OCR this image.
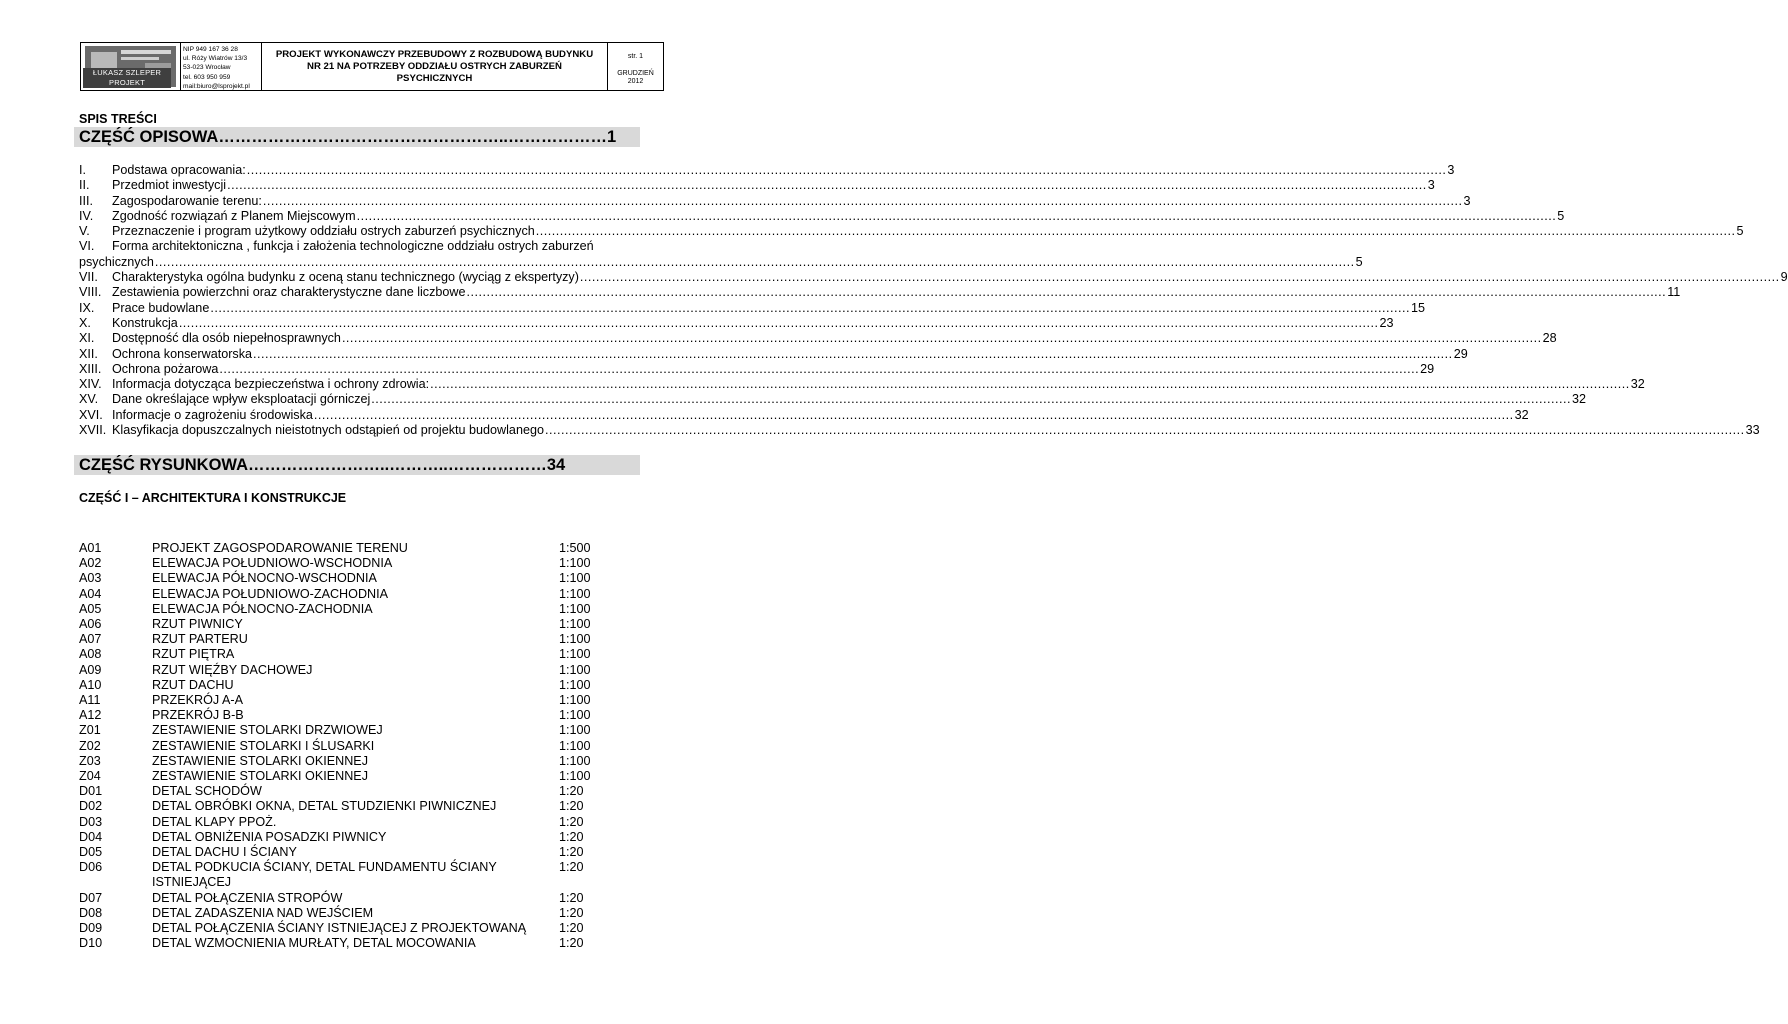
ŁUKASZ SZLEPER PROJEKT
NIP 949 167 36 28
ul. Róży Wiatrów 13/3
53-023 Wrocław
tel. 603 950 959
mail:biuro@lsprojekt.pl
PROJEKT WYKONAWCZY PRZEBUDOWY Z ROZBUDOWĄ BUDYNKU NR 21 NA POTRZEBY ODDZIAŁU OSTRYCH ZABURZEŃ PSYCHICZNYCH
str. 1
GRUDZIEŃ
2012
SPIS TREŚCI
CZĘŚĆ OPISOWA……………………………………………..………………1
I.	Podstawa opracowania: ............................................................................................................................................................................................................................................................................................................ 3
II.	Przedmiot inwestycji ............................................................................................................................................................................................................................................................................................................ 3
III.	Zagospodarowanie terenu: ............................................................................................................................................................................................................................................................................................................ 3
IV.	Zgodność rozwiązań z Planem Miejscowym ............................................................................................................................................................................................................................................................................................................ 5
V.	Przeznaczenie i program użytkowy oddziału ostrych zaburzeń psychicznych ............................................................................................................................................................................................................................................................................................................ 5
VI.	Forma architektoniczna , funkcja i założenia technologiczne oddziału ostrych zaburzeń
psychicznych ............................................................................................................................................................................................................................................................................................................ 5
VII.	Charakterystyka ogólna budynku z oceną stanu technicznego (wyciąg z ekspertyzy) ............................................................................................................................................................................................................................................................................................................ 9
VIII. Zestawienia powierzchni oraz charakterystyczne dane liczbowe ............................................................................................................................................................................................................................................................................................................ 11
IX.	Prace budowlane ............................................................................................................................................................................................................................................................................................................ 15
X.	Konstrukcja ............................................................................................................................................................................................................................................................................................................ 23
XI.	Dostępność dla osób niepełnosprawnych ............................................................................................................................................................................................................................................................................................................ 28
XII.	Ochrona konserwatorska ............................................................................................................................................................................................................................................................................................................ 29
XIII. Ochrona pożarowa ............................................................................................................................................................................................................................................................................................................ 29
XIV. Informacja dotycząca bezpieczeństwa i ochrony zdrowia: ............................................................................................................................................................................................................................................................................................................ 32
XV.	Dane określające wpływ eksploatacji górniczej ............................................................................................................................................................................................................................................................................................................ 32
XVI. Informacje o zagrożeniu środowiska ............................................................................................................................................................................................................................................................................................................ 32
XVII. Klasyfikacja dopuszczalnych nieistotnych odstąpień od projektu budowlanego ............................................................................................................................................................................................................................................................................................................ 33
CZĘŚĆ RYSUNKOWA……………………..………..………………34
CZĘŚĆ I – ARCHITEKTURA I KONSTRUKCJE
A01	PROJEKT ZAGOSPODAROWANIE TERENU	1:500
A02	ELEWACJA POŁUDNIOWO-WSCHODNIA	1:100
A03	ELEWACJA PÓŁNOCNO-WSCHODNIA	1:100
A04	ELEWACJA POŁUDNIOWO-ZACHODNIA	1:100
A05	ELEWACJA PÓŁNOCNO-ZACHODNIA	1:100
A06	RZUT PIWNICY	1:100
A07	RZUT PARTERU	1:100
A08	RZUT PIĘTRA	1:100
A09	RZUT WIĘŹBY DACHOWEJ	1:100
A10	RZUT DACHU	1:100
A11	PRZEKRÓJ A-A	1:100
A12	PRZEKRÓJ B-B	1:100
Z01	ZESTAWIENIE STOLARKI DRZWIOWEJ	1:100
Z02	ZESTAWIENIE STOLARKI I ŚLUSARKI	1:100
Z03	ZESTAWIENIE STOLARKI OKIENNEJ	1:100
Z04	ZESTAWIENIE STOLARKI OKIENNEJ	1:100
D01	DETAL SCHODÓW	1:20
D02	DETAL OBRÓBKI OKNA, DETAL STUDZIENKI PIWNICZNEJ	1:20
D03	DETAL KLAPY PPOŻ.	1:20
D04	DETAL OBNIŻENIA POSADZKI PIWNICY	1:20
D05	DETAL DACHU I ŚCIANY	1:20
D06	DETAL PODKUCIA ŚCIANY, DETAL FUNDAMENTU ŚCIANY ISTNIEJĄCEJ
1:20
D07	DETAL POŁĄCZENIA STROPÓW	1:20
D08	DETAL ZADASZENIA NAD WEJŚCIEM	1:20
D09	DETAL POŁĄCZENIA ŚCIANY ISTNIEJĄCEJ Z PROJEKTOWANĄ	1:20
D10	DETAL WZMOCNIENIA MURŁATY, DETAL MOCOWANIA	1:20
